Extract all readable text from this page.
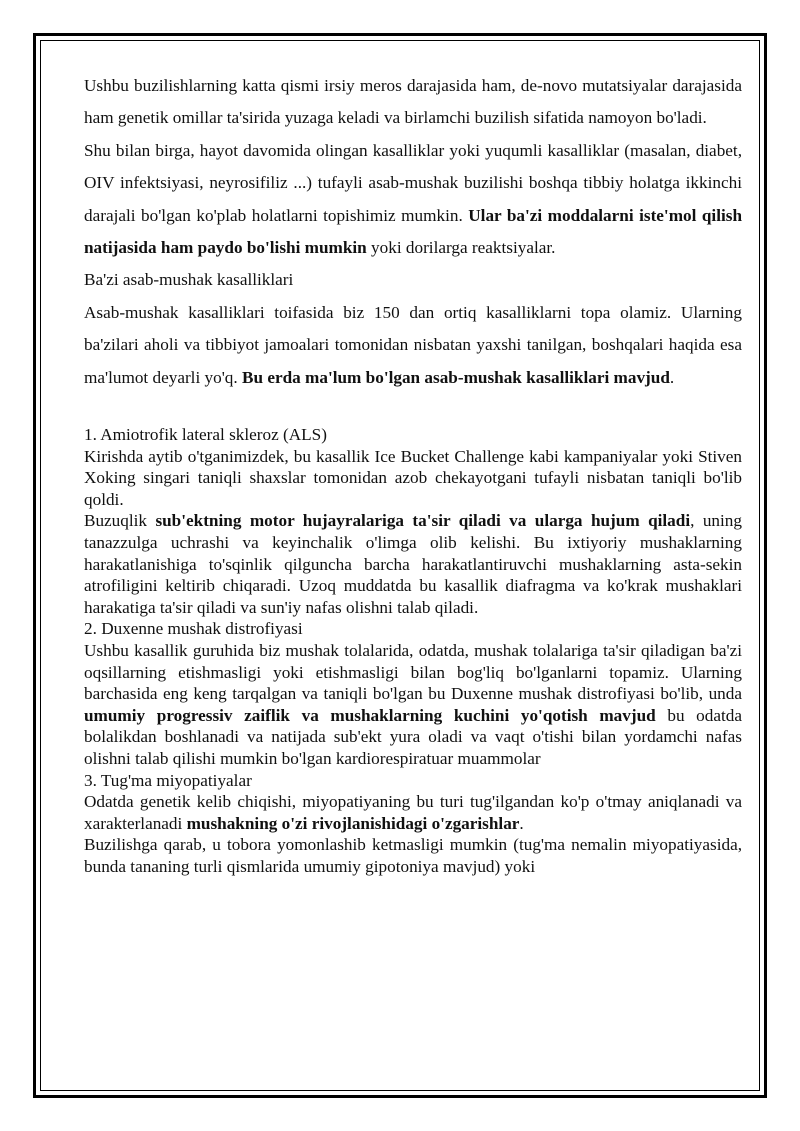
Ushbu buzilishlarning katta qismi irsiy meros darajasida ham, de-novo mutatsiyalar darajasida ham genetik omillar ta'sirida yuzaga keladi va birlamchi buzilish sifatida namoyon bo'ladi.

Shu bilan birga, hayot davomida olingan kasalliklar yoki yuqumli kasalliklar (masalan, diabet, OIV infektsiyasi, neyrosifiliz ...) tufayli asab-mushak buzilishi boshqa tibbiy holatga ikkinchi darajali bo'lgan ko'plab holatlarni topishimiz mumkin. Ular ba'zi moddalarni iste'mol qilish natijasida ham paydo bo'lishi mumkin yoki dorilarga reaktsiyalar.

Ba'zi asab-mushak kasalliklari

Asab-mushak kasalliklari toifasida biz 150 dan ortiq kasalliklarni topa olamiz. Ularning ba'zilari aholi va tibbiyot jamoalari tomonidan nisbatan yaxshi tanilgan, boshqalari haqida esa ma'lumot deyarli yo'q. Bu erda ma'lum bo'lgan asab-mushak kasalliklari mavjud.

1. Amiotrofik lateral skleroz (ALS)

Kirishda aytib o'tganimizdek, bu kasallik Ice Bucket Challenge kabi kampaniyalar yoki Stiven Xoking singari taniqli shaxslar tomonidan azob chekayotgani tufayli nisbatan taniqli bo'lib qoldi.

Buzuqlik sub'ektning motor hujayralariga ta'sir qiladi va ularga hujum qiladi, uning tanazzulga uchrashi va keyinchalik o'limga olib kelishi. Bu ixtiyoriy mushaklarning harakatlanishiga to'sqinlik qilguncha barcha harakatlantiruvchi mushaklarning asta-sekin atrofiligini keltirib chiqaradi. Uzoq muddatda bu kasallik diafragma va ko'krak mushaklari harakatiga ta'sir qiladi va sun'iy nafas olishni talab qiladi.

2. Duxenne mushak distrofiyasi

Ushbu kasallik guruhida biz mushak tolalarida, odatda, mushak tolalariga ta'sir qiladigan ba'zi oqsillarning etishmasligi yoki etishmasligi bilan bog'liq bo'lganlarni topamiz. Ularning barchasida eng keng tarqalgan va taniqli bo'lgan bu Duxenne mushak distrofiyasi bo'lib, unda umumiy progressiv zaiflik va mushaklarning kuchini yo'qotish mavjud bu odatda bolalikdan boshlanadi va natijada sub'ekt yura oladi va vaqt o'tishi bilan yordamchi nafas olishni talab qilishi mumkin bo'lgan kardiorespiratuar muammolar

3. Tug'ma miyopatiyalar

Odatda genetik kelib chiqishi, miyopatiyaning bu turi tug'ilgandan ko'p o'tmay aniqlanadi va xarakterlanadi mushakning o'zi rivojlanishidagi o'zgarishlar.

Buzilishga qarab, u tobora yomonlashib ketmasligi mumkin (tug'ma nemalin miyopatiyasida, bunda tananing turli qismlarida umumiy gipotoniya mavjud) yoki
